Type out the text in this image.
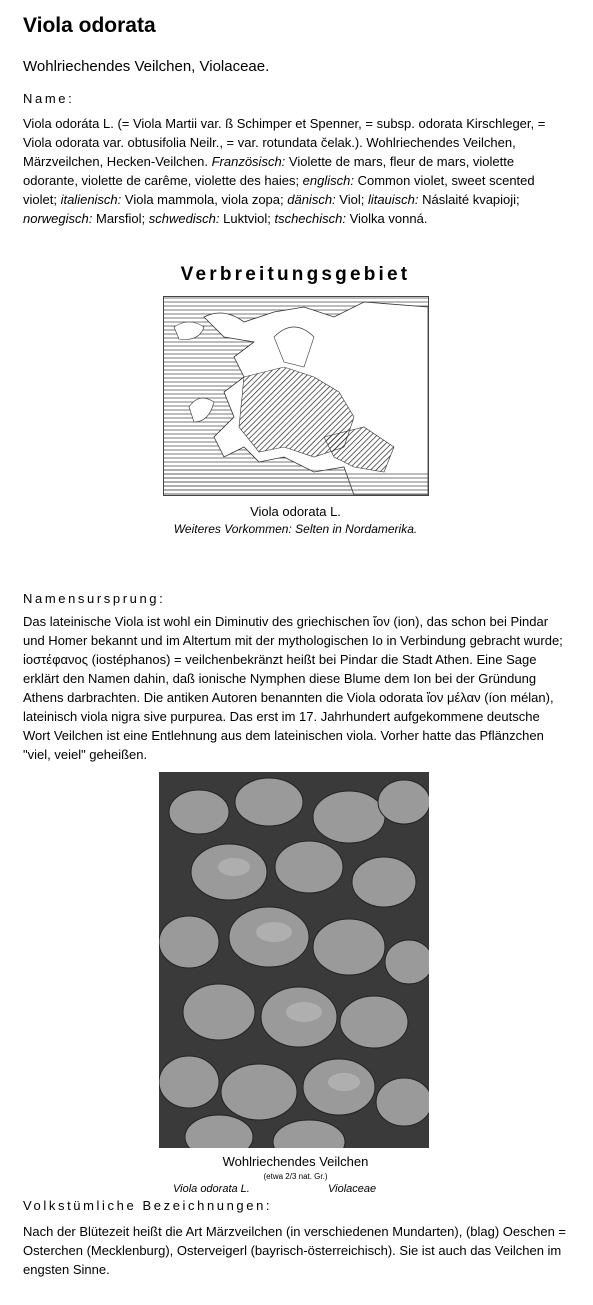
Viola odorata
Wohlriechendes Veilchen, Violaceae.
Name:
Viola odoráta L. (= Viola Martii var. ß Schimper et Spenner, = subsp. odorata Kirschleger, = Viola odorata var. obtusifolia Neilr., = var. rotundata čelak.). Wohlriechendes Veilchen, Märzveilchen, Hecken-Veilchen. Französisch: Violette de mars, fleur de mars, violette odorante, violette de carême, violette des haies; englisch: Common violet, sweet scented violet; italienisch: Viola mammola, viola zopa; dänisch: Viol; litauisch: Náslaité kvapioji; norwegisch: Marsfiol; schwedisch: Luktviol; tschechisch: Violka vonná.
Verbreitungsgebiet
Viola odorata L.
Weiteres Vorkommen: Selten in Nordamerika.
Namensursprung:
Das lateinische Viola ist wohl ein Diminutiv des griechischen ἴον (ion), das schon bei Pindar und Homer bekannt und im Altertum mit der mythologischen Io in Verbindung gebracht wurde; ἰοστέφανος (iostéphanos) = veilchenbekränzt heißt bei Pindar die Stadt Athen. Eine Sage erklärt den Namen dahin, daß ionische Nymphen diese Blume dem Ion bei der Gründung Athens darbrachten. Die antiken Autoren benannten die Viola odorata ἴον μέλαν (íon mélan), lateinisch viola nigra sive purpurea. Das erst im 17. Jahrhundert aufgekommene deutsche Wort Veilchen ist eine Entlehnung aus dem lateinischen viola. Vorher hatte das Pflänzchen "viel, veiel" geheißen.
Wohlriechendes Veilchen
(etwa 2/3 nat. Gr.)
Viola odorata L.	Violaceae
Volkstümliche Bezeichnungen:
Nach der Blütezeit heißt die Art Märzveilchen (in verschiedenen Mundarten), (blag) Oeschen = Osterchen (Mecklenburg), Osterveigerl (bayrisch-österreichisch). Sie ist auch das Veilchen im engsten Sinne.
